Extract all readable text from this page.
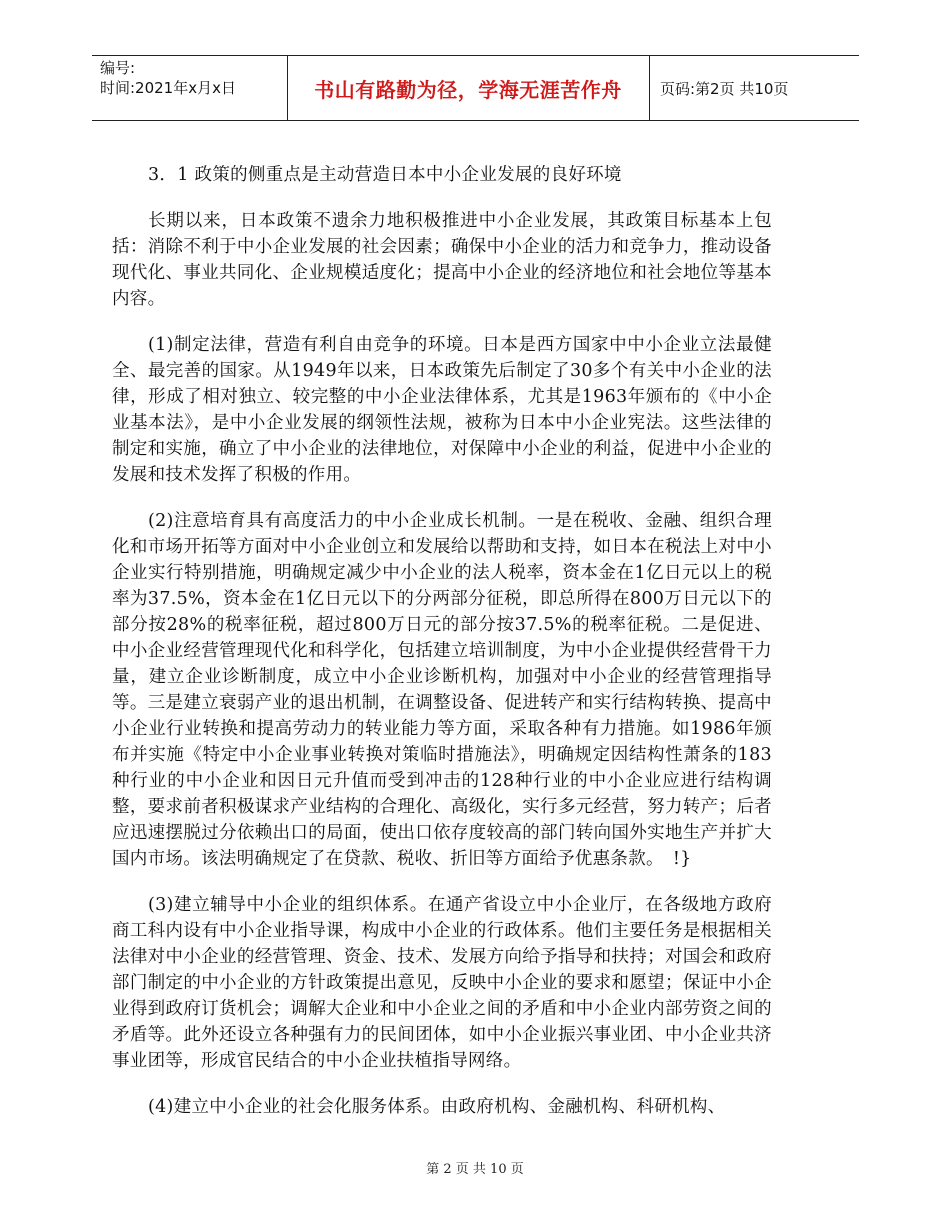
编号:
时间:2021年x月x日	书山有路勤为径，学海无涯苦作舟	页码:第2页 共10页
3．1 政策的侧重点是主动营造日本中小企业发展的良好环境

长期以来，日本政策不遗余力地积极推进中小企业发展，其政策目标基本上包括：消除不利于中小企业发展的社会因素；确保中小企业的活力和竞争力，推动设备现代化、事业共同化、企业规模适度化；提高中小企业的经济地位和社会地位等基本内容。

(1)制定法律，营造有利自由竞争的环境。日本是西方国家中中小企业立法最健全、最完善的国家。从1949年以来，日本政策先后制定了30多个有关中小企业的法律，形成了相对独立、较完整的中小企业法律体系，尤其是1963年颁布的《中小企业基本法》，是中小企业发展的纲领性法规，被称为日本中小企业宪法。这些法律的制定和实施，确立了中小企业的法律地位，对保障中小企业的利益，促进中小企业的发展和技术发挥了积极的作用。

(2)注意培育具有高度活力的中小企业成长机制。一是在税收、金融、组织合理化和市场开拓等方面对中小企业创立和发展给以帮助和支持，如日本在税法上对中小企业实行特别措施，明确规定减少中小企业的法人税率，资本金在1亿日元以上的税率为37.5%，资本金在1亿日元以下的分两部分征税，即总所得在800万日元以下的部分按28%的税率征税，超过800万日元的部分按37.5%的税率征税。二是促进、中小企业经营管理现代化和科学化，包括建立培训制度，为中小企业提供经营骨干力量，建立企业诊断制度，成立中小企业诊断机构，加强对中小企业的经营管理指导等。三是建立衰弱产业的退出机制，在调整设备、促进转产和实行结构转换、提高中小企业行业转换和提高劳动力的转业能力等方面，采取各种有力措施。如1986年颁布并实施《特定中小企业事业转换对策临时措施法》，明确规定因结构性萧条的183种行业的中小企业和因日元升值而受到冲击的128种行业的中小企业应进行结构调整，要求前者积极谋求产业结构的合理化、高级化，实行多元经营，努力转产；后者应迅速摆脱过分依赖出口的局面，使出口依存度较高的部门转向国外实地生产并扩大国内市场。该法明确规定了在贷款、税收、折旧等方面给予优惠条款。　!}

(3)建立辅导中小企业的组织体系。在通产省设立中小企业厅，在各级地方政府商工科内设有中小企业指导课，构成中小企业的行政体系。他们主要任务是根据相关法律对中小企业的经营管理、资金、技术、发展方向给予指导和扶持；对国会和政府部门制定的中小企业的方针政策提出意见，反映中小企业的要求和愿望；保证中小企业得到政府订货机会；调解大企业和中小企业之间的矛盾和中小企业内部劳资之间的矛盾等。此外还设立各种强有力的民间团体，如中小企业振兴事业团、中小企业共济事业团等，形成官民结合的中小企业扶植指导网络。

(4)建立中小企业的社会化服务体系。由政府机构、金融机构、科研机构、

第 2 页 共 10 页
